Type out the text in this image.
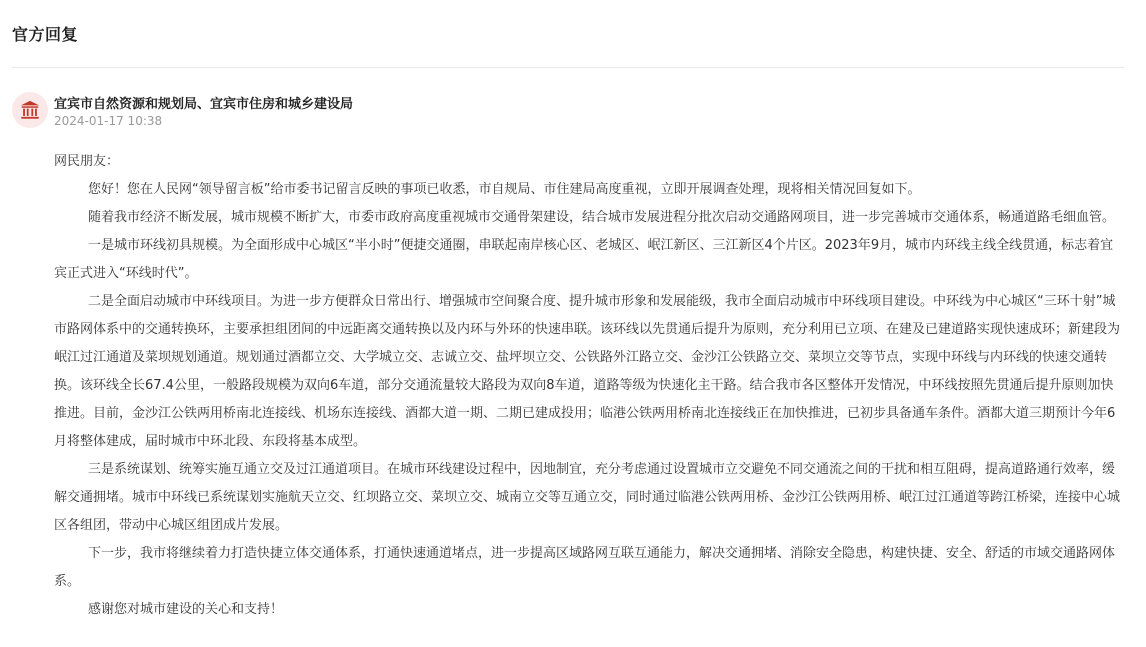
官方回复
宜宾市自然资源和规划局、宜宾市住房和城乡建设局
2024-01-17 10:38

网民朋友：

您好！您在人民网“领导留言板”给市委书记留言反映的事项已收悉，市自规局、市住建局高度重视，立即开展调查处理，现将相关情况回复如下。

随着我市经济不断发展，城市规模不断扩大，市委市政府高度重视城市交通骨架建设，结合城市发展进程分批次启动交通路网项目，进一步完善城市交通体系，畅通道路毛细血管。

一是城市环线初具规模。为全面形成中心城区“半小时”便捷交通圈，串联起南岸核心区、老城区、岷江新区、三江新区4个片区。2023年9月，城市内环线主线全线贯通，标志着宜宾正式进入“环线时代”。

二是全面启动城市中环线项目。为进一步方便群众日常出行、增强城市空间聚合度、提升城市形象和发展能级，我市全面启动城市中环线项目建设。中环线为中心城区“三环十射”城市路网体系中的交通转换环，主要承担组团间的中远距离交通转换以及内环与外环的快速串联。该环线以先贯通后提升为原则，充分利用已立项、在建及已建道路实现快速成环；新建段为岷江过江通道及菜坝规划通道。规划通过酒都立交、大学城立交、志诚立交、盐坪坝立交、公铁路外江路立交、金沙江公铁路立交、菜坝立交等节点，实现中环线与内环线的快速交通转换。该环线全长67.4公里，一般路段规模为双向6车道，部分交通流量较大路段为双向8车道，道路等级为快速化主干路。结合我市各区整体开发情况，中环线按照先贯通后提升原则加快推进。目前，金沙江公铁两用桥南北连接线、机场东连接线、酒都大道一期、二期已建成投用；临港公铁两用桥南北连接线正在加快推进，已初步具备通车条件。酒都大道三期预计今年6月将整体建成，届时城市中环北段、东段将基本成型。

三是系统谋划、统筹实施互通立交及过江通道项目。在城市环线建设过程中，因地制宜，充分考虑通过设置城市立交避免不同交通流之间的干扰和相互阻碍，提高道路通行效率，缓解交通拥堵。城市中环线已系统谋划实施航天立交、红坝路立交、菜坝立交、城南立交等互通立交，同时通过临港公铁两用桥、金沙江公铁两用桥、岷江过江通道等跨江桥梁，连接中心城区各组团，带动中心城区组团成片发展。

下一步，我市将继续着力打造快捷立体交通体系，打通快速通道堵点，进一步提高区域路网互联互通能力，解决交通拥堵、消除安全隐患，构建快捷、安全、舒适的市域交通路网体系。

感谢您对城市建设的关心和支持！
